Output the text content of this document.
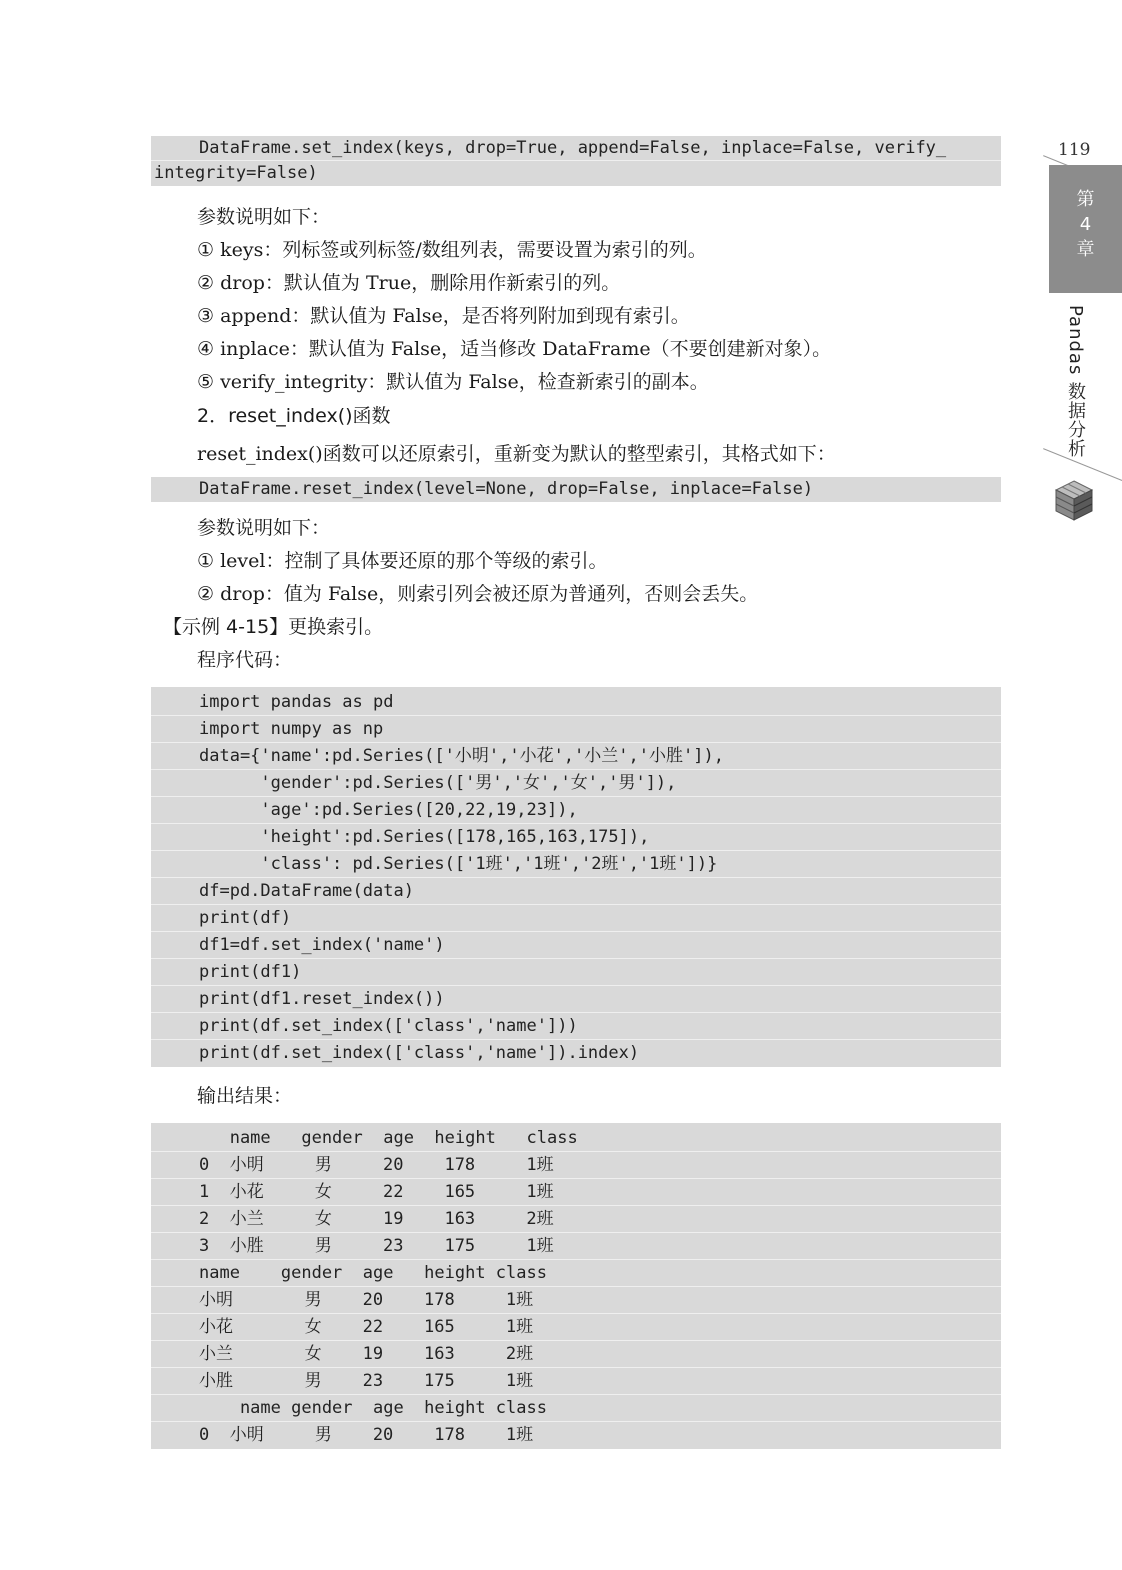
119
第
4
章
Pandas 数据分析
DataFrame.set_index(keys, drop=True, append=False, inplace=False, verify_
integrity=False)
参数说明如下：
① keys：列标签或列标签/数组列表，需要设置为索引的列。
② drop：默认值为 True，删除用作新索引的列。
③ append：默认值为 False，是否将列附加到现有索引。
④ inplace：默认值为 False，适当修改 DataFrame（不要创建新对象）。
⑤ verify_integrity：默认值为 False，检查新索引的副本。
2．reset_index()函数
reset_index()函数可以还原索引，重新变为默认的整型索引，其格式如下：
DataFrame.reset_index(level=None, drop=False, inplace=False)
参数说明如下：
① level：控制了具体要还原的那个等级的索引。
② drop：值为 False，则索引列会被还原为普通列，否则会丢失。
【示例 4-15】更换索引。
程序代码：
import pandas as pd
import numpy as np
data={'name':pd.Series(['小明','小花','小兰','小胜']),
'gender':pd.Series(['男','女','女','男']),
'age':pd.Series([20,22,19,23]),
'height':pd.Series([178,165,163,175]),
'class': pd.Series(['1班','1班','2班','1班'])}
df=pd.DataFrame(data)
print(df)
df1=df.set_index('name')
print(df1)
print(df1.reset_index())
print(df.set_index(['class','name']))
print(df.set_index(['class','name']).index)
输出结果：
name   gender  age  height   class
0  小明     男     20    178     1班
1  小花     女     22    165     1班
2  小兰     女     19    163     2班
3  小胜     男     23    175     1班
name    gender  age   height class
小明       男    20    178     1班
小花       女    22    165     1班
小兰       女    19    163     2班
小胜       男    23    175     1班
name gender  age  height class
0  小明     男    20    178    1班
